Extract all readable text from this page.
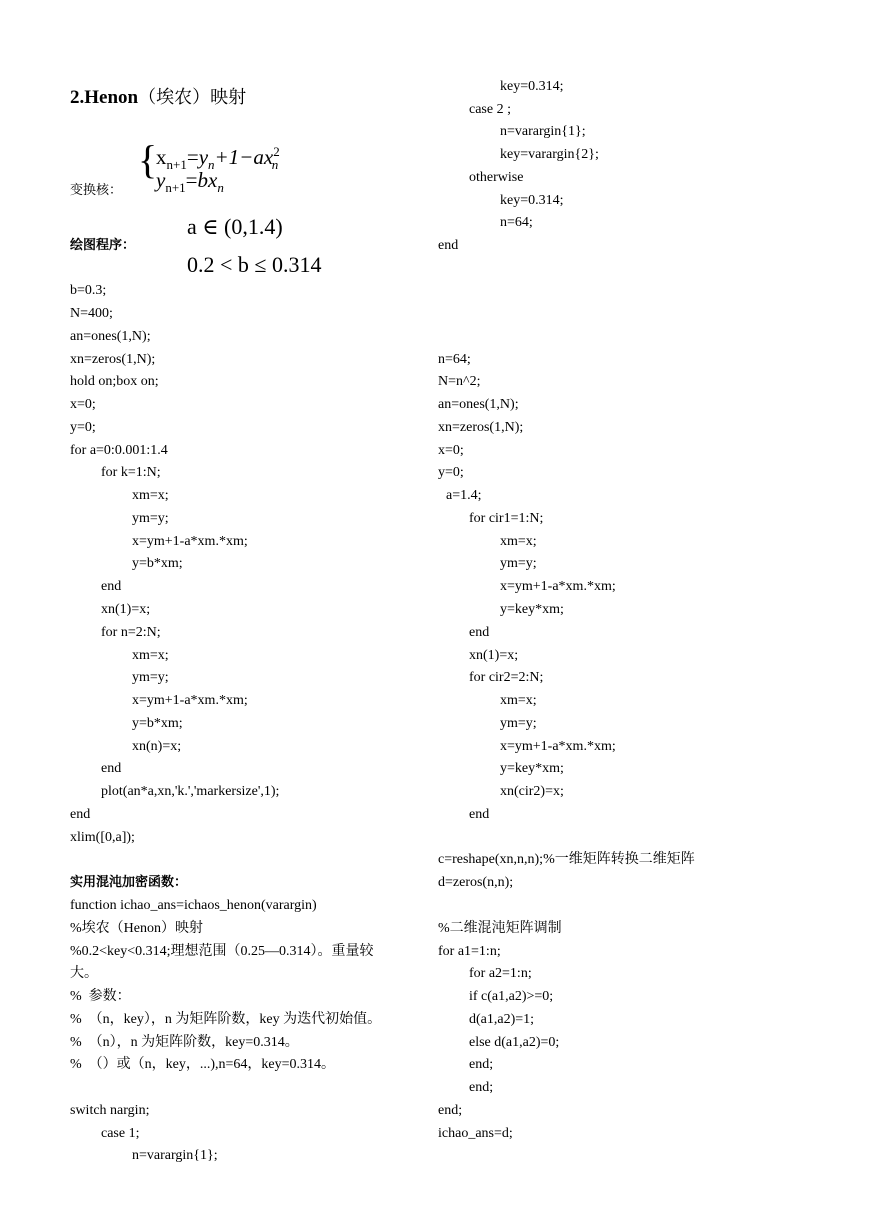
2.Henon（埃农）映射
{
$x_{n+1}=y_n+1-ax^2_n$
$y_{n+1}=bx_n$
变换核：
a ∈ (0,1.4)
绘图程序：
0.2 < b ≤ 0.314
b=0.3;
N=400;
an=ones(1,N);
xn=zeros(1,N);
hold on;box on;
x=0;
y=0;
for a=0:0.001:1.4
for k=1:N;
xm=x;
ym=y;
x=ym+1-a*xm.*xm;
y=b*xm;
end
xn(1)=x;
for n=2:N;
xm=x;
ym=y;
x=ym+1-a*xm.*xm;
y=b*xm;
xn(n)=x;
end
plot(an*a,xn,'k.','markersize',1);
end
xlim([0,a]);
实用混沌加密函数：
function ichao_ans=ichaos_henon(varargin)
%埃农（Henon）映射
%0.2<key<0.314;理想范围（0.25—0.314）。重量较
大。
%  参数：
%  （n，key），n 为矩阵阶数，key 为迭代初始值。
%  （n），n 为矩阵阶数，key=0.314。
%  （）或（n，key，...),n=64，key=0.314。
switch nargin;
case 1;
n=varargin{1};
key=0.314;
case 2 ;
n=varargin{1};
key=varargin{2};
otherwise
key=0.314;
n=64;
end
n=64;
N=n^2;
an=ones(1,N);
xn=zeros(1,N);
x=0;
y=0;
a=1.4;
for cir1=1:N;
xm=x;
ym=y;
x=ym+1-a*xm.*xm;
y=key*xm;
end
xn(1)=x;
for cir2=2:N;
xm=x;
ym=y;
x=ym+1-a*xm.*xm;
y=key*xm;
xn(cir2)=x;
end
c=reshape(xn,n,n);%一维矩阵转换二维矩阵
d=zeros(n,n);
%二维混沌矩阵调制
for a1=1:n;
for a2=1:n;
if c(a1,a2)>=0;
d(a1,a2)=1;
else d(a1,a2)=0;
end;
end;
end;
ichao_ans=d;
